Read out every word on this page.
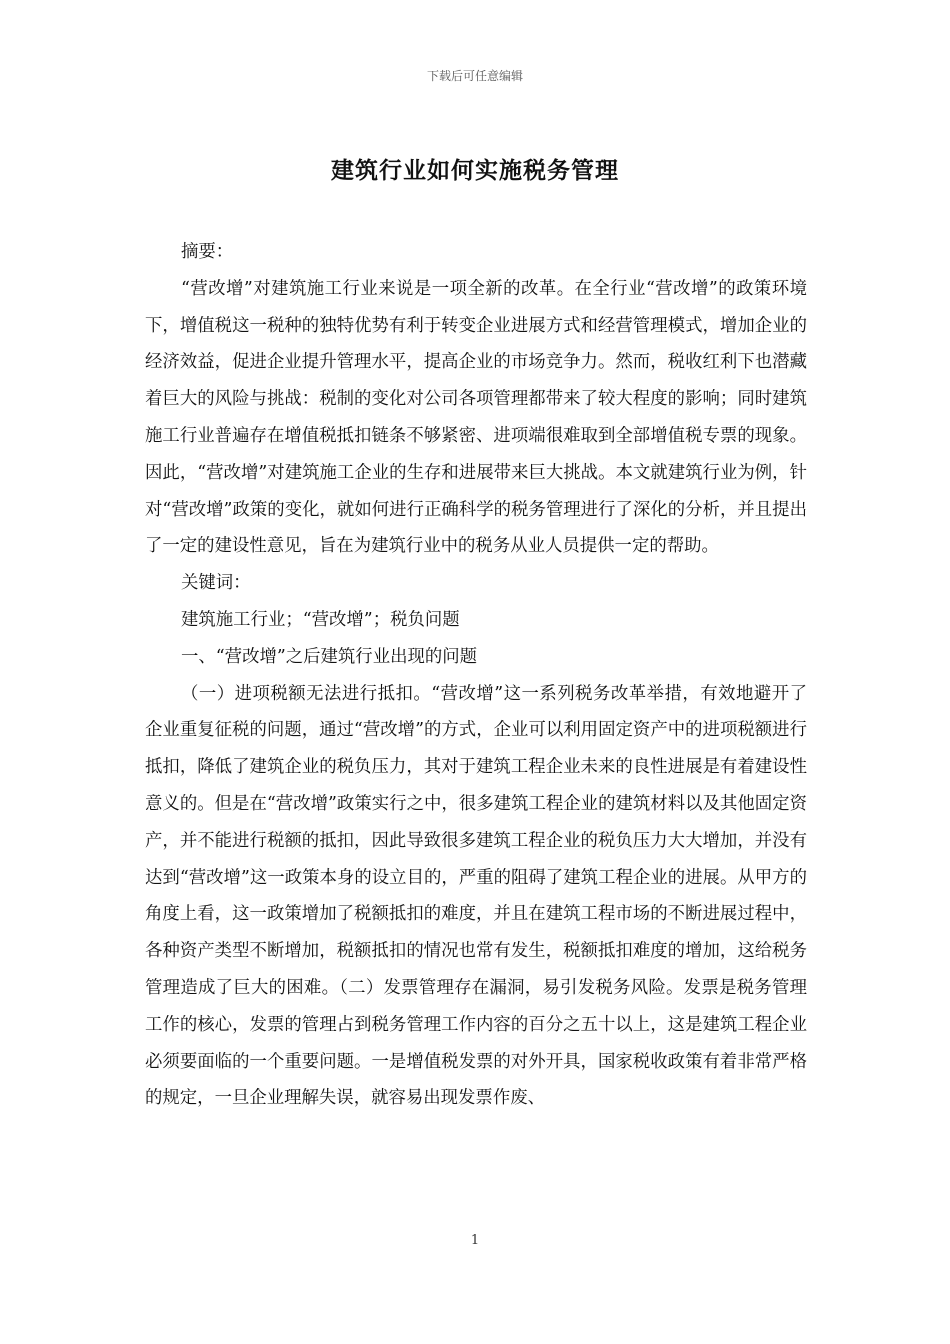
下载后可任意编辑
建筑行业如何实施税务管理

摘要：

“营改增”对建筑施工行业来说是一项全新的改革。在全行业“营改增”的政策环境下，增值税这一税种的独特优势有利于转变企业进展方式和经营管理模式，增加企业的经济效益，促进企业提升管理水平，提高企业的市场竞争力。然而，税收红利下也潜藏着巨大的风险与挑战：税制的变化对公司各项管理都带来了较大程度的影响；同时建筑施工行业普遍存在增值税抵扣链条不够紧密、进项端很难取到全部增值税专票的现象。因此，“营改增”对建筑施工企业的生存和进展带来巨大挑战。本文就建筑行业为例，针对“营改增”政策的变化，就如何进行正确科学的税务管理进行了深化的分析，并且提出了一定的建设性意见，旨在为建筑行业中的税务从业人员提供一定的帮助。

关键词：

建筑施工行业；“营改增”；税负问题

一、“营改增”之后建筑行业出现的问题

（一）进项税额无法进行抵扣。“营改增”这一系列税务改革举措，有效地避开了企业重复征税的问题，通过“营改增”的方式，企业可以利用固定资产中的进项税额进行抵扣，降低了建筑企业的税负压力，其对于建筑工程企业未来的良性进展是有着建设性意义的。但是在“营改增”政策实行之中，很多建筑工程企业的建筑材料以及其他固定资产，并不能进行税额的抵扣，因此导致很多建筑工程企业的税负压力大大增加，并没有达到“营改增”这一政策本身的设立目的，严重的阻碍了建筑工程企业的进展。从甲方的角度上看，这一政策增加了税额抵扣的难度，并且在建筑工程市场的不断进展过程中，各种资产类型不断增加，税额抵扣的情况也常有发生，税额抵扣难度的增加，这给税务管理造成了巨大的困难。（二）发票管理存在漏洞，易引发税务风险。发票是税务管理工作的核心，发票的管理占到税务管理工作内容的百分之五十以上，这是建筑工程企业必须要面临的一个重要问题。一是增值税发票的对外开具，国家税收政策有着非常严格的规定，一旦企业理解失误，就容易出现发票作废、

1
